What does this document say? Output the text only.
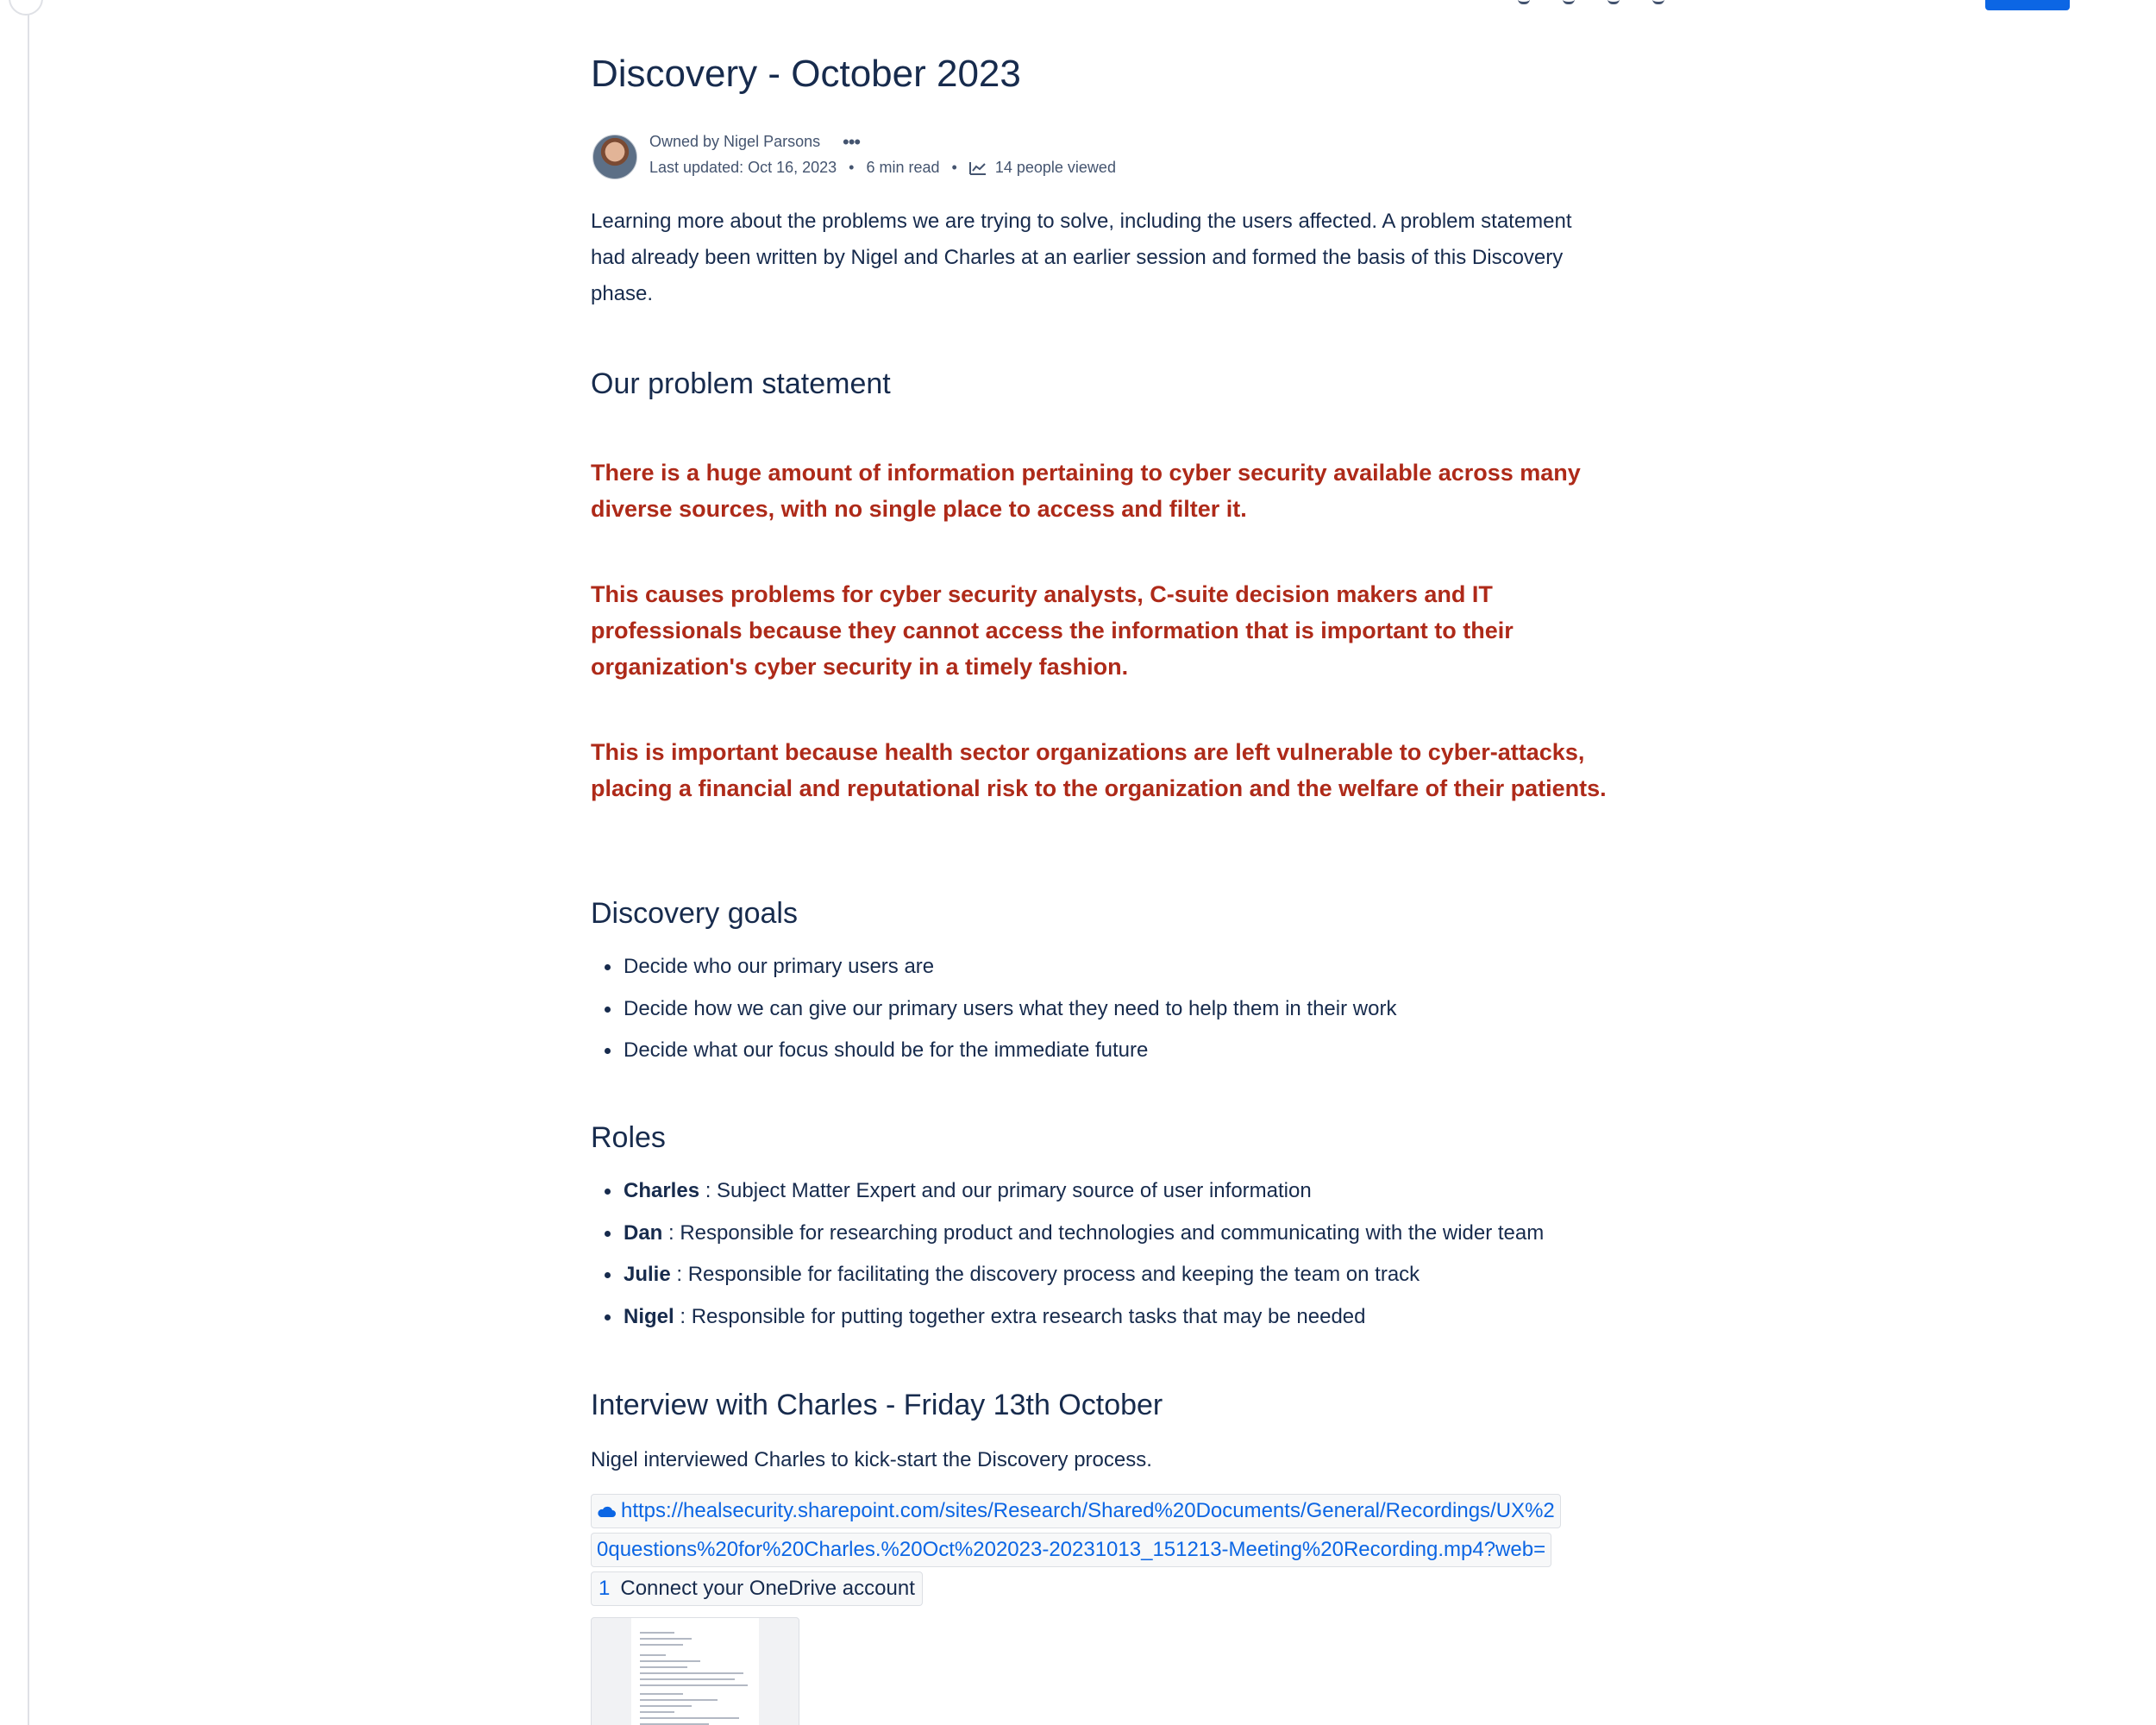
Discovery - October 2023
Owned by Nigel Parsons •••
Last updated: Oct 16, 2023 • 6 min read • 14 people viewed

Learning more about the problems we are trying to solve, including the users affected. A problem statement had already been written by Nigel and Charles at an earlier session and formed the basis of this Discovery phase.

Our problem statement

There is a huge amount of information pertaining to cyber security available across many diverse sources, with no single place to access and filter it.

This causes problems for cyber security analysts, C-suite decision makers and IT professionals because they cannot access the information that is important to their organization's cyber security in a timely fashion.

This is important because health sector organizations are left vulnerable to cyber-attacks, placing a financial and reputational risk to the organization and the welfare of their patients.

Discovery goals
Decide who our primary users are
Decide how we can give our primary users what they need to help them in their work
Decide what our focus should be for the immediate future
Roles
Charles : Subject Matter Expert and our primary source of user information
Dan : Responsible for researching product and technologies and communicating with the wider team
Julie : Responsible for facilitating the discovery process and keeping the team on track
Nigel : Responsible for putting together extra research tasks that may be needed
Interview with Charles - Friday 13th October

Nigel interviewed Charles to kick-start the Discovery process.

https://healsecurity.sharepoint.com/sites/Research/Shared%20Documents/General/Recordings/UX%2
0questions%20for%20Charles.%20Oct%202023-20231013_151213-Meeting%20Recording.mp4?web=

1 Connect your OneDrive account
